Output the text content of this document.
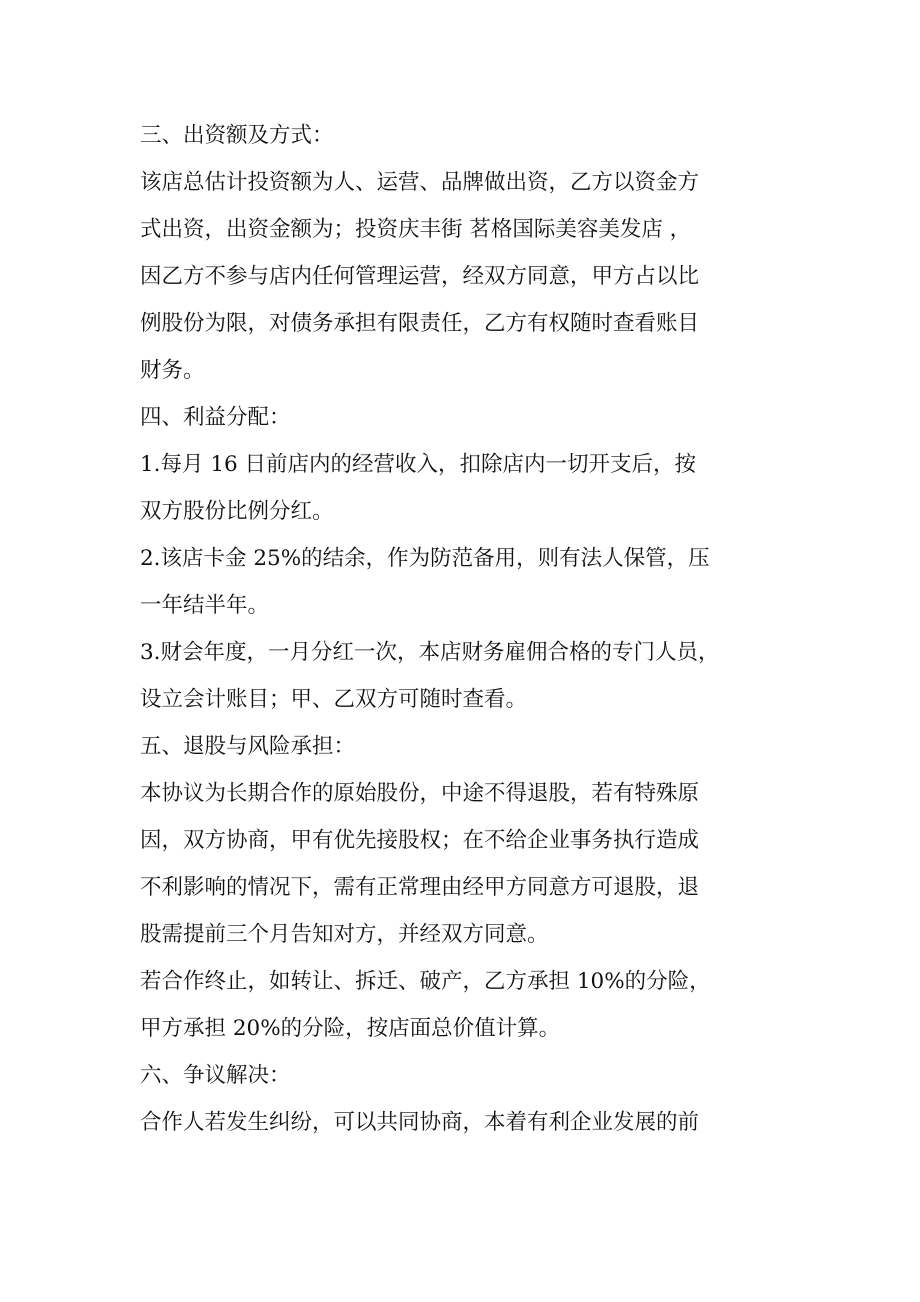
三、出资额及方式：
该店总估计投资额为人、运营、品牌做出资，乙方以资金方
式出资，出资金额为；投资庆丰街 茗格国际美容美发店 ，
因乙方不参与店内任何管理运营，经双方同意，甲方占以比
例股份为限，对债务承担有限责任，乙方有权随时查看账目
财务。
四、利益分配：
1.每月 16 日前店内的经营收入，扣除店内一切开支后，按
双方股份比例分红。
2.该店卡金 25%的结余，作为防范备用，则有法人保管，压
一年结半年。
3.财会年度，一月分红一次，本店财务雇佣合格的专门人员，
设立会计账目；甲、乙双方可随时查看。
五、退股与风险承担：
本协议为长期合作的原始股份，中途不得退股，若有特殊原
因，双方协商，甲有优先接股权；在不给企业事务执行造成
不利影响的情况下，需有正常理由经甲方同意方可退股，退
股需提前三个月告知对方，并经双方同意。
若合作终止，如转让、拆迁、破产，乙方承担 10%的分险，
甲方承担 20%的分险，按店面总价值计算。
六、争议解决：
合作人若发生纠纷，可以共同协商，本着有利企业发展的前
